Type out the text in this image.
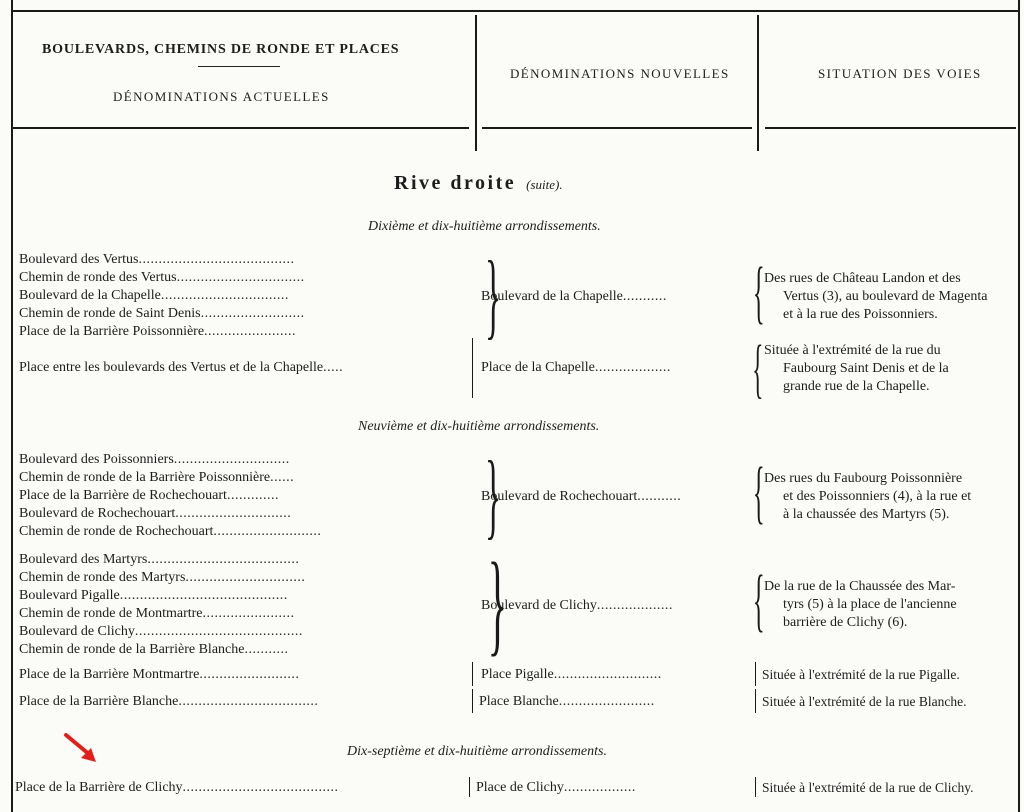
BOULEVARDS, CHEMINS DE RONDE ET PLACES
DÉNOMINATIONS ACTUELLES
DÉNOMINATIONS NOUVELLES	SITUATION DES VOIES
Rive droite (suite).
Dixième et dix-huitième arrondissements.
Boulevard des Vertus.......................................
Chemin de ronde des Vertus................................
Boulevard de la Chapelle................................
Chemin de ronde de Saint Denis..........................
Place de la Barrière Poissonnière....................... }
Boulevard de la Chapelle........... { Des rues de Château Landon et des
Vertus (3), au boulevard de Magenta
et à la rue des Poissonniers.
Place entre les boulevards des Vertus et de la Chapelle.....	Place de la Chapelle................... { Située à l'extrémité de la rue du
Faubourg Saint Denis et de la
grande rue de la Chapelle.
Neuvième et dix-huitième arrondissements.
Boulevard des Poissonniers.............................
Chemin de ronde de la Barrière Poissonnière......
Place de la Barrière de Rochechouart.............
Boulevard de Rochechouart.............................
Chemin de ronde de Rochechouart........................... }
Boulevard de Rochechouart........... { Des rues du Faubourg Poissonnière
et des Poissonniers (4), à la rue et
à la chaussée des Martyrs (5).
Boulevard des Martyrs......................................
Chemin de ronde des Martyrs..............................
Boulevard Pigalle..........................................
Chemin de ronde de Montmartre.......................
Boulevard de Clichy..........................................
Chemin de ronde de la Barrière Blanche........... }
Boulevard de Clichy................... { De la rue de la Chaussée des Mar-
tyrs (5) à la place de l'ancienne
barrière de Clichy (6).
Place de la Barrière Montmartre.........................	Place Pigalle...........................	Située à l'extrémité de la rue Pigalle.
Place de la Barrière Blanche...................................	Place Blanche........................	Située à l'extrémité de la rue Blanche.
Dix-septième et dix-huitième arrondissements.
Place de la Barrière de Clichy.......................................	Place de Clichy..................	Située à l'extrémité de la rue de Clichy.
